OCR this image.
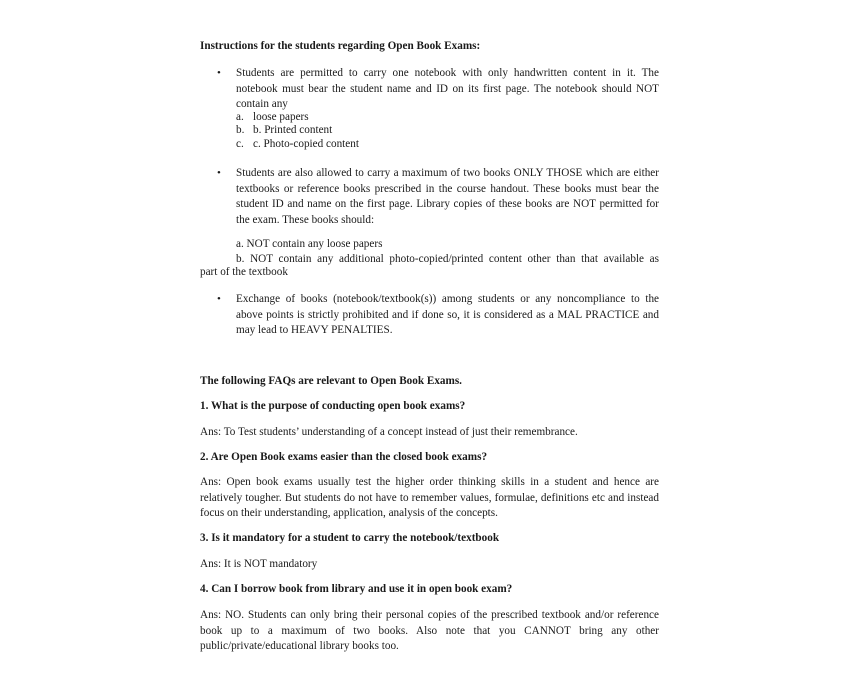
Instructions for the students regarding Open Book Exams:

• Students are permitted to carry one notebook with only handwritten content in it. The notebook must bear the student name and ID on its first page. The notebook should NOT contain any

a. loose papers
b. b. Printed content
c. c. Photo-copied content
• Students are also allowed to carry a maximum of two books ONLY THOSE which are either textbooks or reference books prescribed in the course handout. These books must bear the student ID and name on the first page. Library copies of these books are NOT permitted for the exam. These books should:

a. NOT contain any loose papers

b. NOT contain any additional photo-copied/printed content other than that available as

part of the textbook

• Exchange of books (notebook/textbook(s)) among students or any noncompliance to the above points is strictly prohibited and if done so, it is considered as a MAL PRACTICE and may lead to HEAVY PENALTIES.

The following FAQs are relevant to Open Book Exams.

1. What is the purpose of conducting open book exams?

Ans: To Test students’ understanding of a concept instead of just their remembrance.

2. Are Open Book exams easier than the closed book exams?

Ans: Open book exams usually test the higher order thinking skills in a student and hence are relatively tougher. But students do not have to remember values, formulae, definitions etc and instead focus on their understanding, application, analysis of the concepts.

3. Is it mandatory for a student to carry the notebook/textbook

Ans: It is NOT mandatory

4. Can I borrow book from library and use it in open book exam?

Ans: NO. Students can only bring their personal copies of the prescribed textbook and/or reference book up to a maximum of two books. Also note that you CANNOT bring any other public/private/educational library books too.
